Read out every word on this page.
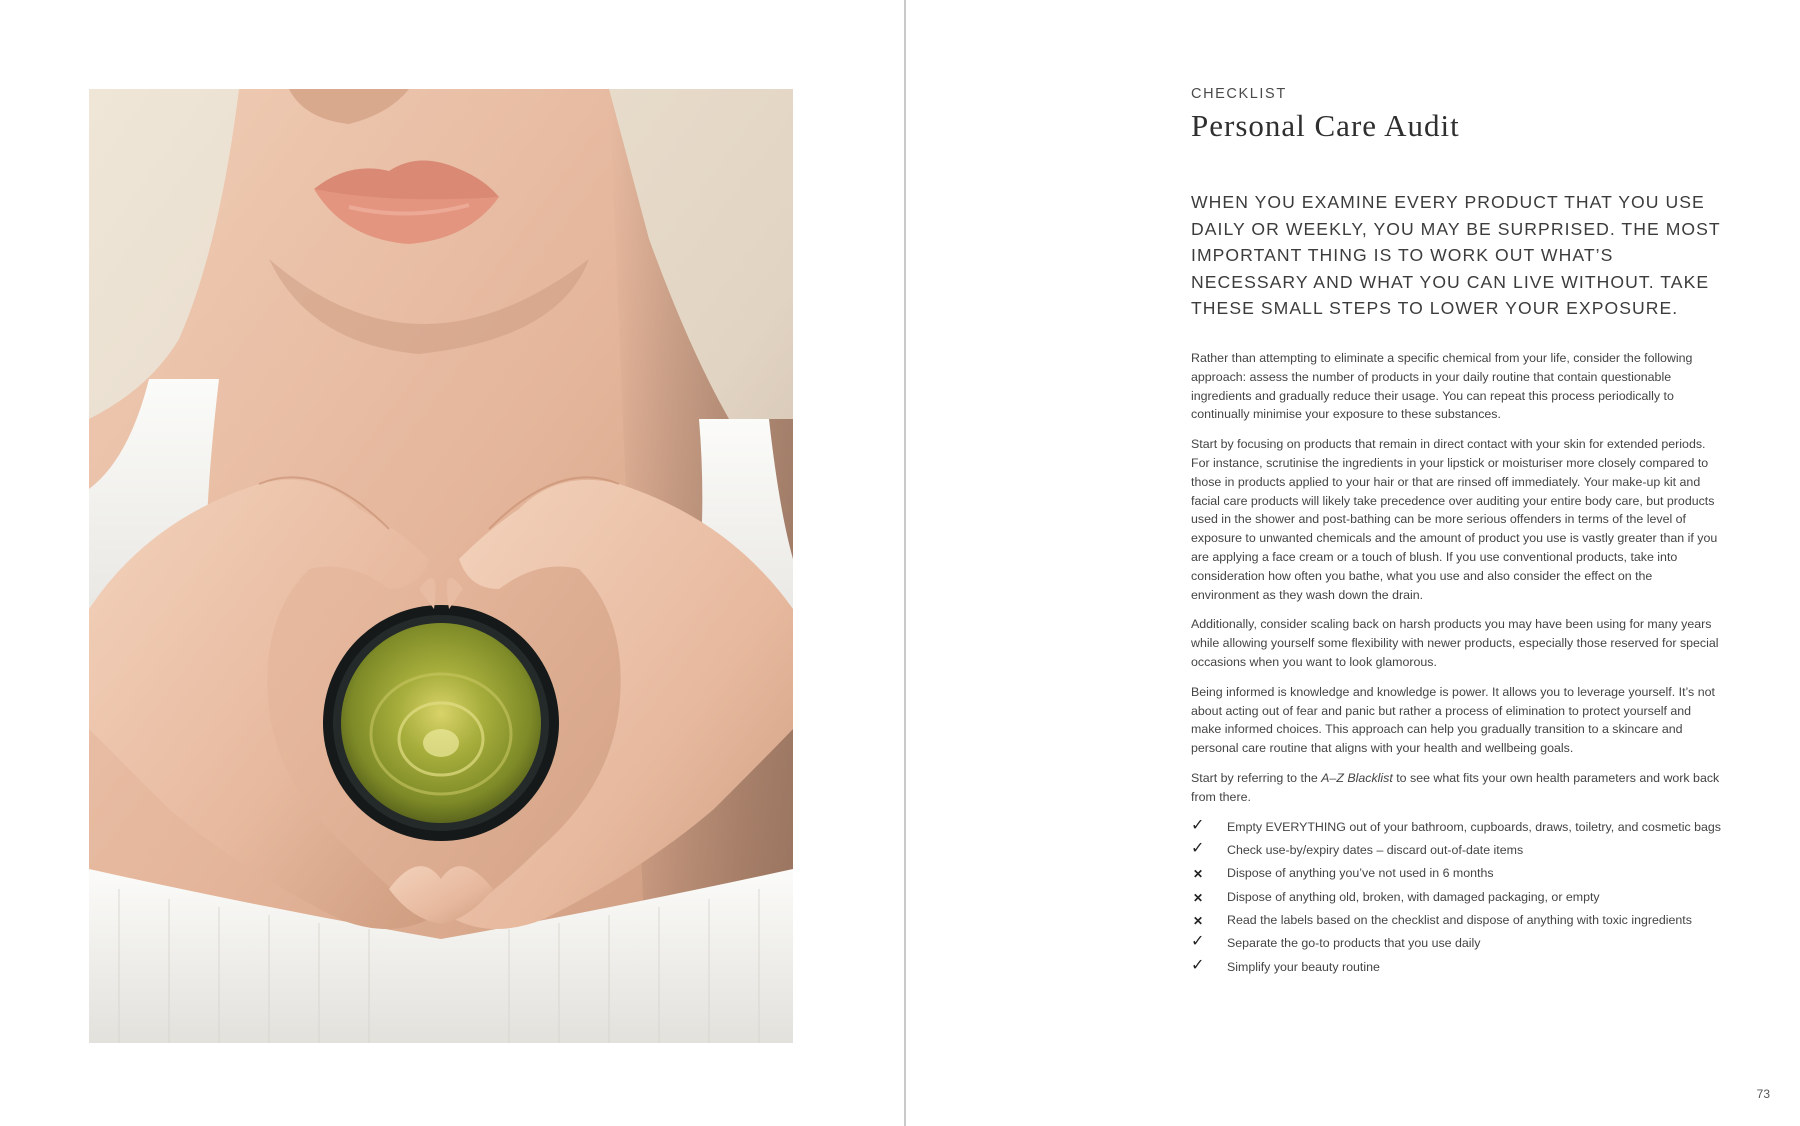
CHECKLIST

Personal Care Audit

WHEN YOU EXAMINE EVERY PRODUCT THAT YOU USE DAILY OR WEEKLY, YOU MAY BE SURPRISED. THE MOST IMPORTANT THING IS TO WORK OUT WHAT’S NECESSARY AND WHAT YOU CAN LIVE WITHOUT. TAKE THESE SMALL STEPS TO LOWER YOUR EXPOSURE.

Rather than attempting to eliminate a specific chemical from your life, consider the following approach: assess the number of products in your daily routine that contain questionable ingredients and gradually reduce their usage. You can repeat this process periodically to continually minimise your exposure to these substances.

Start by focusing on products that remain in direct contact with your skin for extended periods. For instance, scrutinise the ingredients in your lipstick or moisturiser more closely compared to those in products applied to your hair or that are rinsed off immediately. Your make-up kit and facial care products will likely take precedence over auditing your entire body care, but products used in the shower and post-bathing can be more serious offenders in terms of the level of exposure to unwanted chemicals and the amount of product you use is vastly greater than if you are applying a face cream or a touch of blush. If you use conventional products, take into consideration how often you bathe, what you use and also consider the effect on the environment as they wash down the drain.

Additionally, consider scaling back on harsh products you may have been using for many years while allowing yourself some flexibility with newer products, especially those reserved for special occasions when you want to look glamorous.

Being informed is knowledge and knowledge is power. It allows you to leverage yourself. It’s not about acting out of fear and panic but rather a process of elimination to protect yourself and make informed choices. This approach can help you gradually transition to a skincare and personal care routine that aligns with your health and wellbeing goals.

Start by referring to the A–Z Blacklist to see what fits your own health parameters and work back from there.

✓	Empty EVERYTHING out of your bathroom, cupboards, draws, toiletry, and cosmetic bags
✓	Check use-by/expiry dates – discard out-of-date items
✕	Dispose of anything you’ve not used in 6 months
✕	Dispose of anything old, broken, with damaged packaging, or empty
✕	Read the labels based on the checklist and dispose of anything with toxic ingredients
✓	Separate the go-to products that you use daily
✓	Simplify your beauty routine
73
